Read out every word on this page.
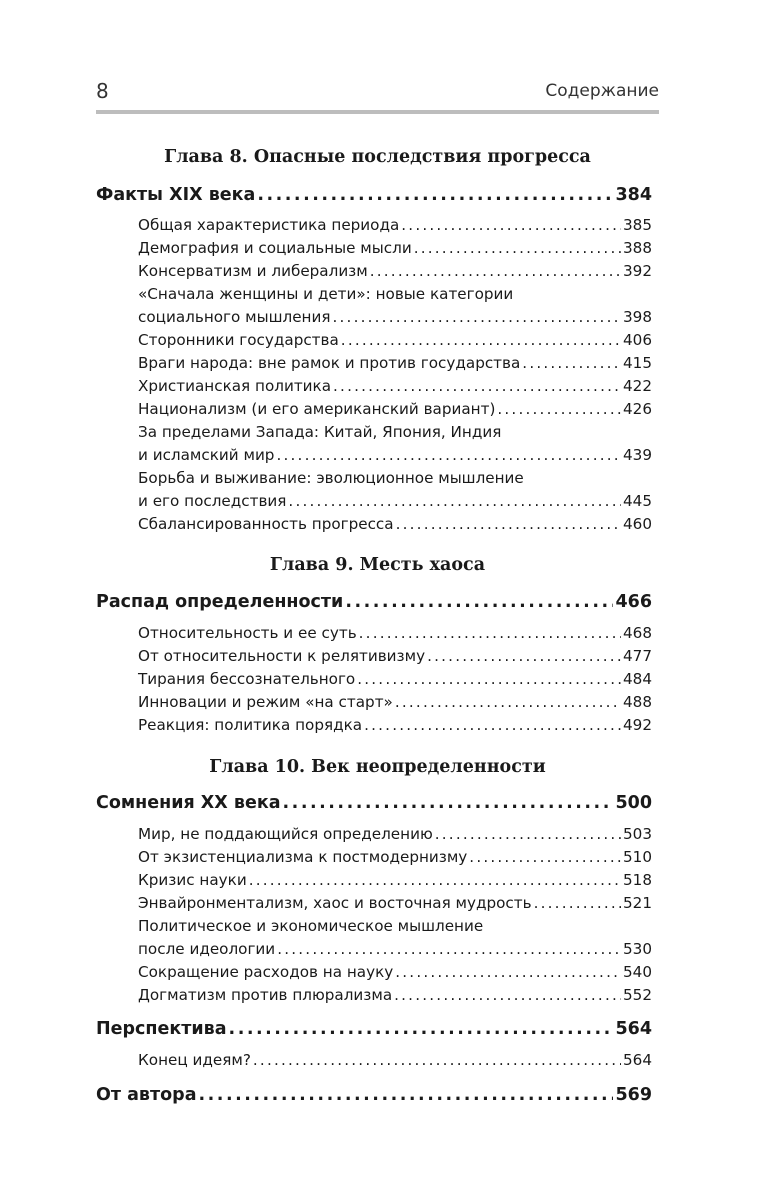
8	Содержание
Глава 8. Опасные последствия прогресса
Факты XIX века .....	384
Общая характеристика периода .....	385
Демография и социальные мысли .....	388
Консерватизм и либерализм .....	392
«Сначала женщины и дети»: новые категории
социального мышления .....	398
Сторонники государства .....	406
Враги народа: вне рамок и против государства .....	415
Христианская политика .....	422
Национализм (и его американский вариант) .....	426
За пределами Запада: Китай, Япония, Индия
и исламский мир .....	439
Борьба и выживание: эволюционное мышление
и его последствия .....	445
Сбалансированность прогресса .....	460
Глава 9. Месть хаоса
Распад определенности .....	466
Относительность и ее суть .....	468
От относительности к релятивизму .....	477
Тирания бессознательного .....	484
Инновации и режим «на старт» .....	488
Реакция: политика порядка .....	492
Глава 10. Век неопределенности
Сомнения XX века .....	500
Мир, не поддающийся определению .....	503
От экзистенциализма к постмодернизму .....	510
Кризис науки .....	518
Энвайронментализм, хаос и восточная мудрость .....	521
Политическое и экономическое мышление
после идеологии .....	530
Сокращение расходов на науку .....	540
Догматизм против плюрализма .....	552
Перспектива .....	564
Конец идеям? .....	564
От автора .....	569
